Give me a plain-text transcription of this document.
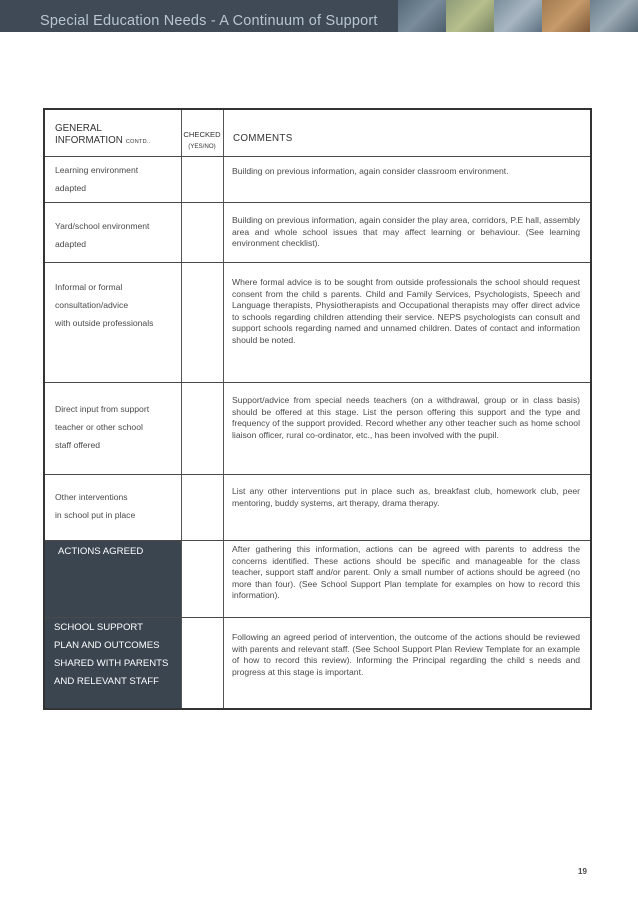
Special Education Needs - A Continuum of Support
GENERAL
INFORMATION CONTD..
CHECKED
(YES/NO)
COMMENTS
Learning environment
adapted
Building on previous information, again consider classroom environment.
Yard/school environment
adapted
Building on previous information, again consider the play area, corridors, P.E hall, assembly area and whole school issues that may affect learning or behaviour. (See learning environment checklist).
Informal or formal
consultation/advice
with outside professionals
Where formal advice is to be sought from outside professionals the school should request consent from the child s parents. Child and Family Services, Psychologists, Speech and Language therapists, Physiotherapists and Occupational therapists may offer direct advice to schools regarding children attending their service. NEPS psychologists can consult and support schools regarding named and unnamed children. Dates of contact and information should be noted.
Direct input from support
teacher or other school
staff offered
Support/advice from special needs teachers (on a withdrawal, group or in class basis) should be offered at this stage. List the person offering this support and the type and frequency of the support provided. Record whether any other teacher such as home school liaison officer, rural co-ordinator, etc., has been involved with the pupil.
Other interventions
in school put in place
List any other interventions put in place such as, breakfast club, homework club, peer mentoring, buddy systems, art therapy, drama therapy.
ACTIONS AGREED	After gathering this information, actions can be agreed with parents to address the concerns identified. These actions should be specific and manageable for the class teacher, support staff and/or parent. Only a small number of actions should be agreed (no more than four). (See School Support Plan template for examples on how to record this information).
SCHOOL SUPPORT
PLAN AND OUTCOMES
SHARED WITH PARENTS
AND RELEVANT STAFF
Following an agreed period of intervention, the outcome of the actions should be reviewed with parents and relevant staff. (See School Support Plan Review Template for an example of how to record this review). Informing the Principal regarding the child s needs and progress at this stage is important.
19
